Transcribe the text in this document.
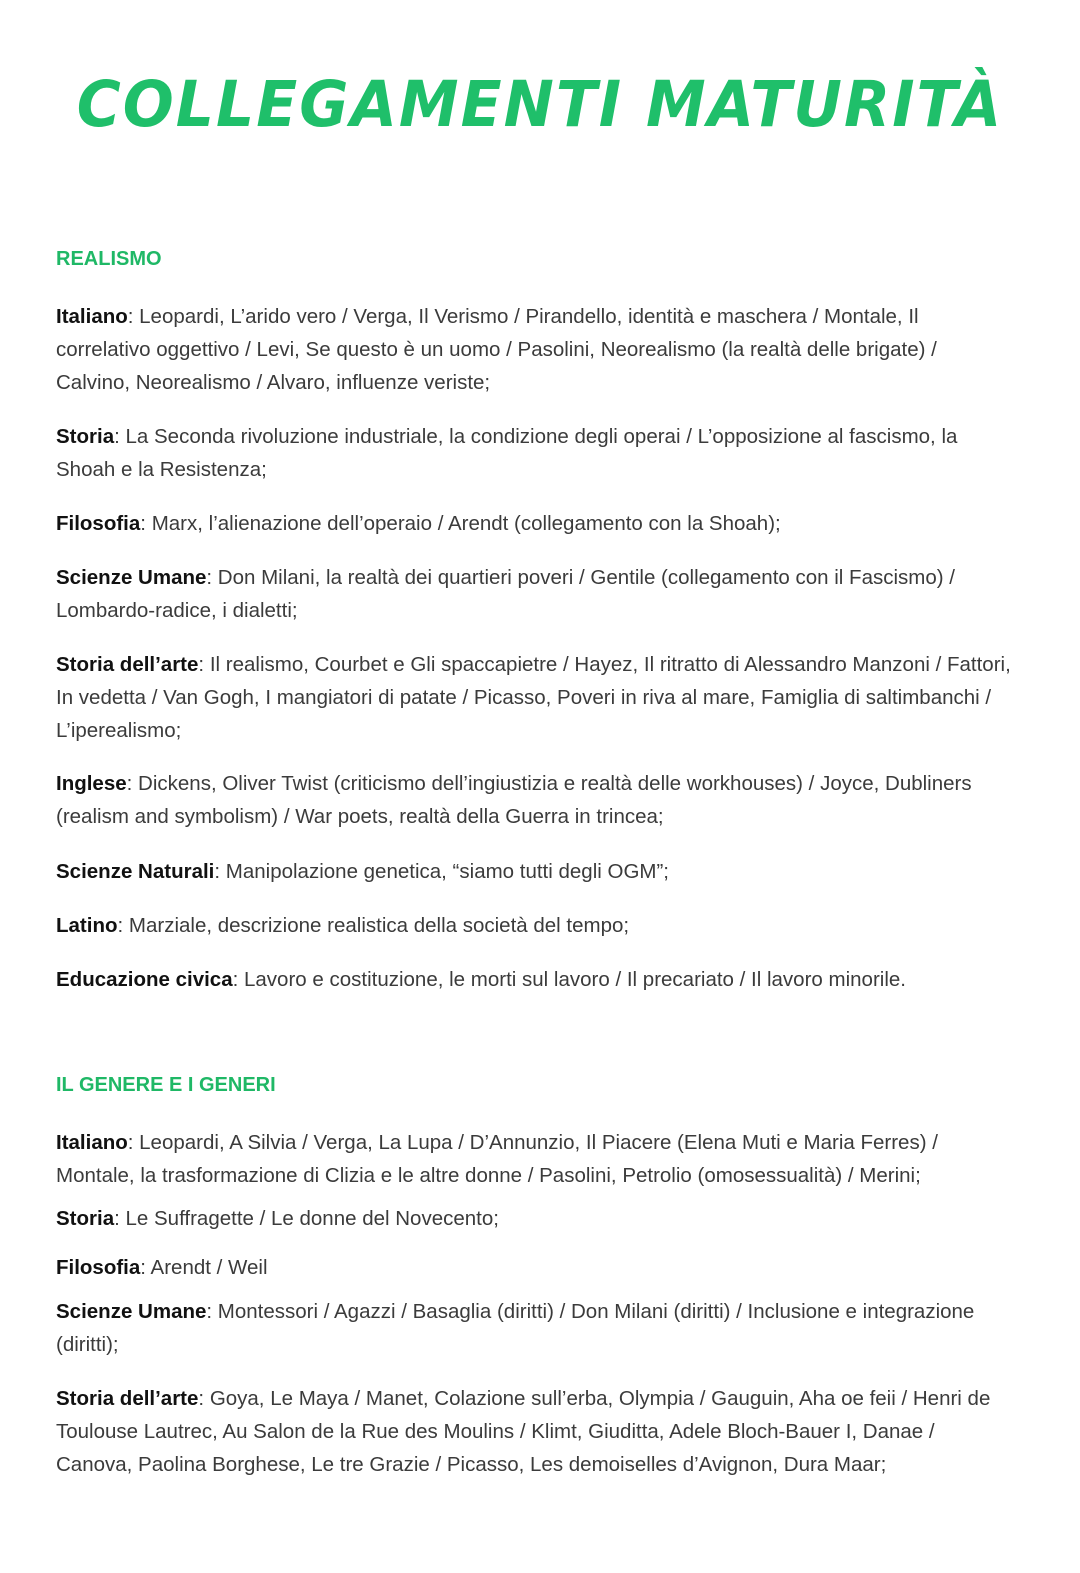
COLLEGAMENTI MATURITÀ
REALISMO

Italiano: Leopardi, L’arido vero / Verga, Il Verismo / Pirandello, identità e maschera / Montale, Il correlativo oggettivo / Levi, Se questo è un uomo / Pasolini, Neorealismo (la realtà delle brigate) / Calvino, Neorealismo / Alvaro, influenze veriste;

Storia: La Seconda rivoluzione industriale, la condizione degli operai / L’opposizione al fascismo, la Shoah e la Resistenza;

Filosofia: Marx, l’alienazione dell’operaio / Arendt (collegamento con la Shoah);

Scienze Umane: Don Milani, la realtà dei quartieri poveri / Gentile (collegamento con il Fascismo) / Lombardo-radice, i dialetti;

Storia dell’arte: Il realismo, Courbet e Gli spaccapietre / Hayez, Il ritratto di Alessandro Manzoni / Fattori, In vedetta / Van Gogh, I mangiatori di patate / Picasso, Poveri in riva al mare, Famiglia di saltimbanchi / L’iperealismo;

Inglese: Dickens, Oliver Twist (criticismo dell’ingiustizia e realtà delle workhouses) / Joyce, Dubliners (realism and symbolism) / War poets, realtà della Guerra in trincea;

Scienze Naturali: Manipolazione genetica, “siamo tutti degli OGM”;

Latino: Marziale, descrizione realistica della società del tempo;

Educazione civica: Lavoro e costituzione, le morti sul lavoro / Il precariato / Il lavoro minorile.

IL GENERE E I GENERI

Italiano: Leopardi, A Silvia / Verga, La Lupa / D’Annunzio, Il Piacere (Elena Muti e Maria Ferres) / Montale, la trasformazione di Clizia e le altre donne / Pasolini, Petrolio (omosessualità) / Merini;

Storia: Le Suffragette / Le donne del Novecento;

Filosofia: Arendt / Weil

Scienze Umane: Montessori / Agazzi / Basaglia (diritti) / Don Milani (diritti) / Inclusione e integrazione (diritti);

Storia dell’arte: Goya, Le Maya / Manet, Colazione sull’erba, Olympia / Gauguin, Aha oe feii / Henri de Toulouse Lautrec, Au Salon de la Rue des Moulins / Klimt, Giuditta, Adele Bloch-Bauer I, Danae / Canova, Paolina Borghese, Le tre Grazie / Picasso, Les demoiselles d’Avignon, Dura Maar;
